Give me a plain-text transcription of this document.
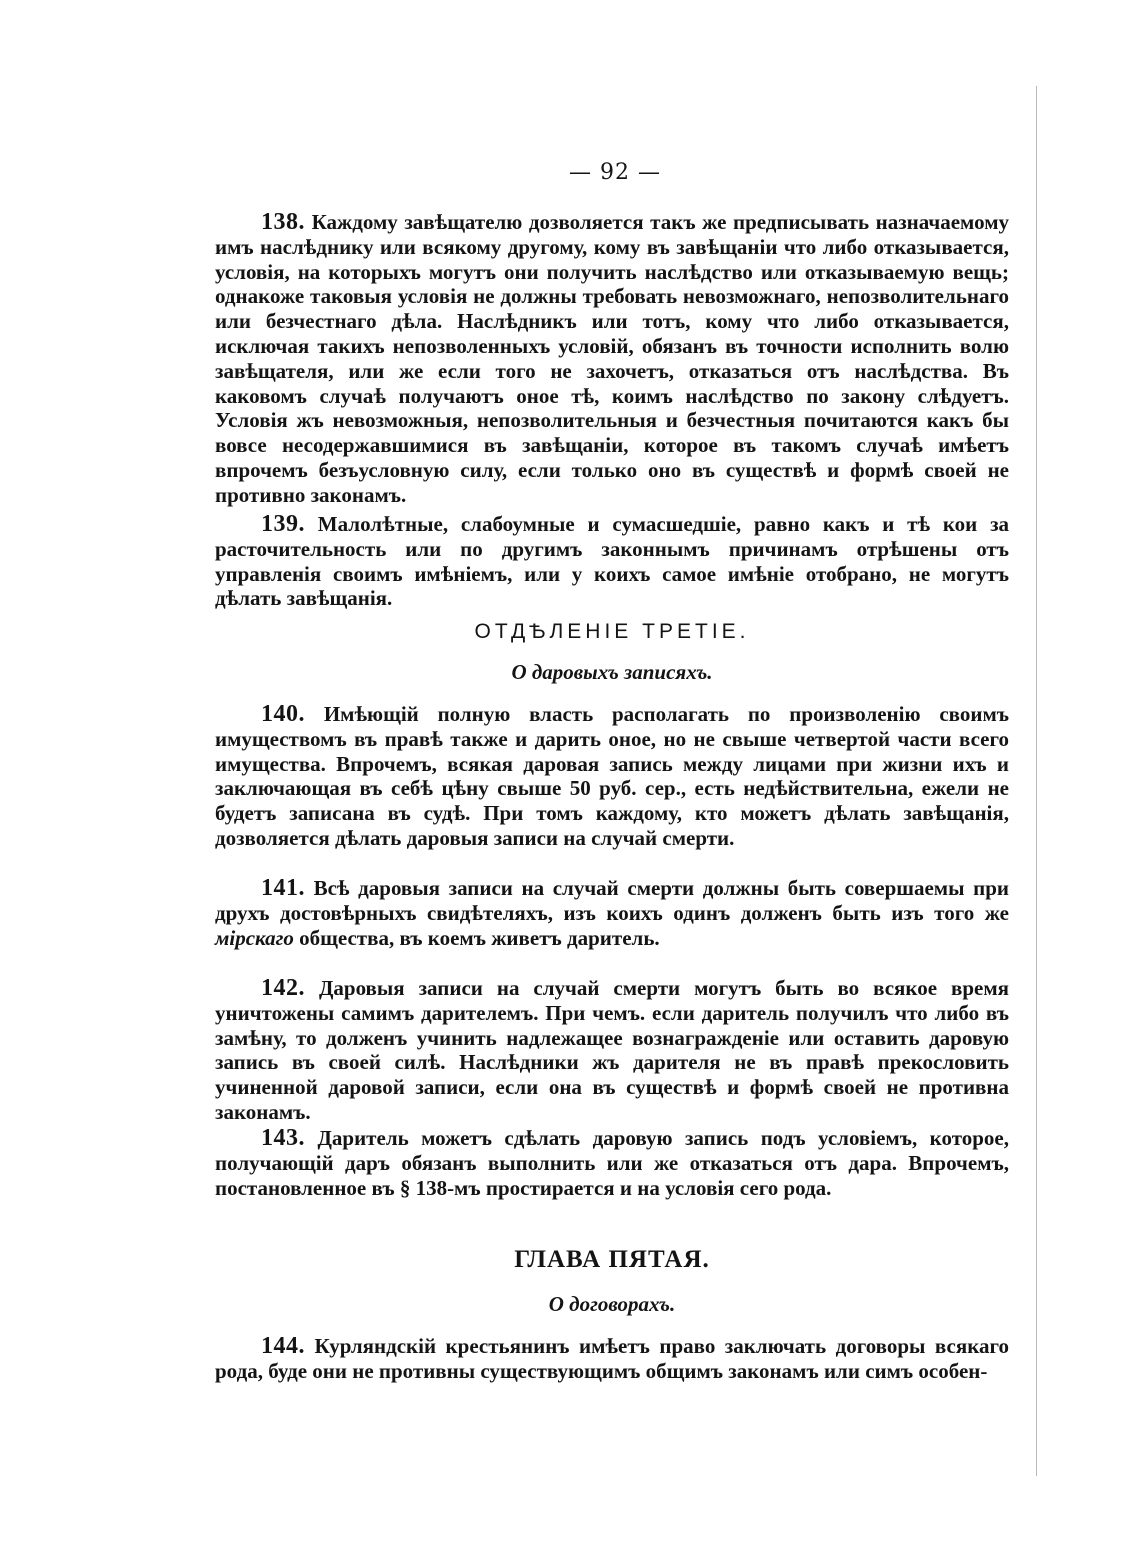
— 92 —
138. Каждому завѣщателю дозволяется такъ же предписывать назначаемому имъ наслѣднику или всякому другому, кому въ завѣщаніи что либо отказывается, условія, на которыхъ могутъ они получить наслѣдство или отказываемую вещь; однакоже таковыя условія не должны требовать невозможнаго, непозволительнаго или безчестнаго дѣла. Наслѣдникъ или тотъ, кому что либо отказывается, исключая такихъ непозволенныхъ условій, обязанъ въ точности исполнить волю завѣщателя, или же если того не захочетъ, отказаться отъ наслѣдства. Въ каковомъ случаѣ получаютъ оное тѣ, коимъ наслѣдство по закону слѣдуетъ. Условія жъ невозможныя, непозволительныя и безчестныя почитаются какъ бы вовсе несодержавшимися въ завѣщаніи, которое въ такомъ случаѣ имѣетъ впрочемъ безъусловную силу, если только оно въ существѣ и формѣ своей не противно законамъ.
139. Малолѣтные, слабоумные и сумасшедшіе, равно какъ и тѣ кои за расточительность или по другимъ законнымъ причинамъ отрѣшены отъ управленія своимъ имѣніемъ, или у коихъ самое имѣніе отобрано, не могутъ дѣлать завѣщанія.
ОТДѢЛЕНІЕ ТРЕТІЕ.
О даровыхъ записяхъ.
140. Имѣющій полную власть располагать по произволенію своимъ имуществомъ въ правѣ также и дарить оное, но не свыше четвертой части всего имущества. Впрочемъ, всякая даровая запись между лицами при жизни ихъ и заключающая въ себѣ цѣну свыше 50 руб. сер., есть недѣйствительна, ежели не будетъ записана въ судѣ. При томъ каждому, кто можетъ дѣлать завѣщанія, дозволяется дѣлать даровыя записи на случай смерти.
141. Всѣ даровыя записи на случай смерти должны быть совершаемы при друхъ достовѣрныхъ свидѣтеляхъ, изъ коихъ одинъ долженъ быть изъ того же мірскаго общества, въ коемъ живетъ даритель.
142. Даровыя записи на случай смерти могутъ быть во всякое время уничтожены самимъ дарителемъ. При чемъ. если даритель получилъ что либо въ замѣну, то долженъ учинить надлежащее вознагражденіе или оставить даровую запись въ своей силѣ. Наслѣдники жъ дарителя не въ правѣ прекословить учиненной даровой записи, если она въ существѣ и формѣ своей не противна законамъ.
143. Даритель можетъ сдѣлать даровую запись подъ условіемъ, которое, получающій даръ обязанъ выполнить или же отказаться отъ дара. Впрочемъ, постановленное въ § 138-мъ простирается и на условія сего рода.
ГЛАВА ПЯТАЯ.
О договорахъ.
144. Курляндскій крестьянинъ имѣетъ право заключать договоры всякаго рода, буде они не противны существующимъ общимъ законамъ или симъ особен-
